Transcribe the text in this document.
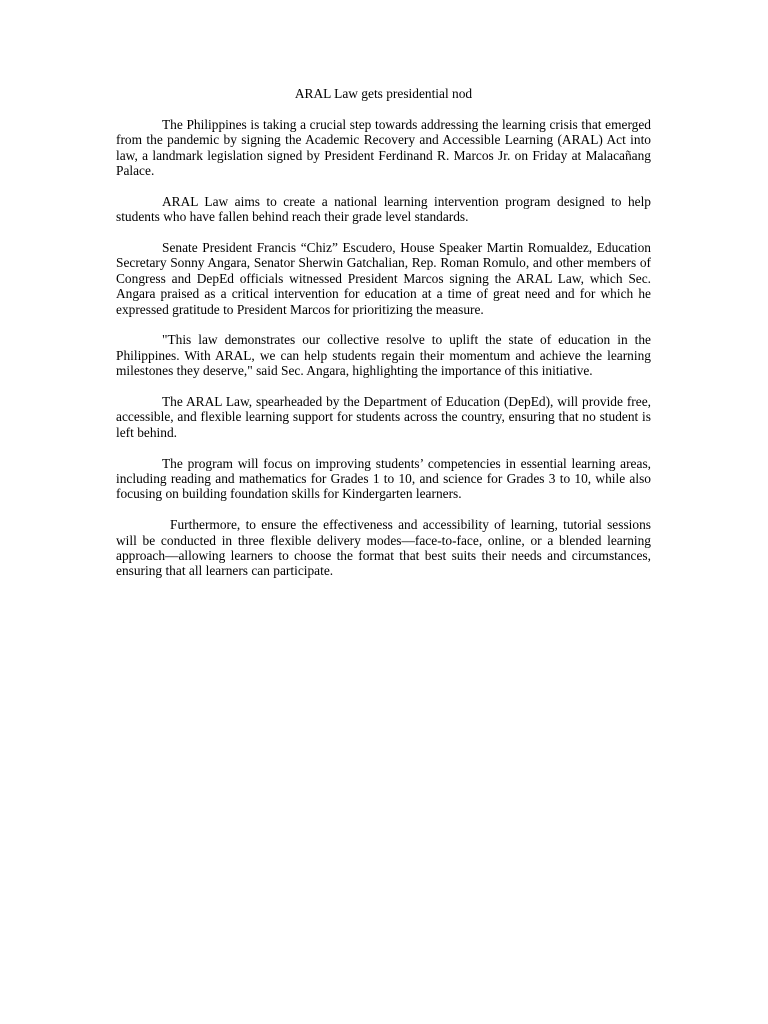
ARAL Law gets presidential nod

The Philippines is taking a crucial step towards addressing the learning crisis that emerged from the pandemic by signing the Academic Recovery and Accessible Learning (ARAL) Act into law, a landmark legislation signed by President Ferdinand R. Marcos Jr. on Friday at Malacañang Palace.

ARAL Law aims to create a national learning intervention program designed to help students who have fallen behind reach their grade level standards.

Senate President Francis “Chiz” Escudero, House Speaker Martin Romualdez, Education Secretary Sonny Angara, Senator Sherwin Gatchalian, Rep. Roman Romulo, and other members of Congress and DepEd officials witnessed President Marcos signing the ARAL Law, which Sec. Angara praised as a critical intervention for education at a time of great need and for which he expressed gratitude to President Marcos for prioritizing the measure.

"This law demonstrates our collective resolve to uplift the state of education in the Philippines. With ARAL, we can help students regain their momentum and achieve the learning milestones they deserve," said Sec. Angara, highlighting the importance of this initiative.

The ARAL Law, spearheaded by the Department of Education (DepEd), will provide free, accessible, and flexible learning support for students across the country, ensuring that no student is left behind.

The program will focus on improving students’ competencies in essential learning areas, including reading and mathematics for Grades 1 to 10, and science for Grades 3 to 10, while also focusing on building foundation skills for Kindergarten learners.

Furthermore, to ensure the effectiveness and accessibility of learning, tutorial sessions will be conducted in three flexible delivery modes—face-to-face, online, or a blended learning approach—allowing learners to choose the format that best suits their needs and circumstances, ensuring that all learners can participate.
